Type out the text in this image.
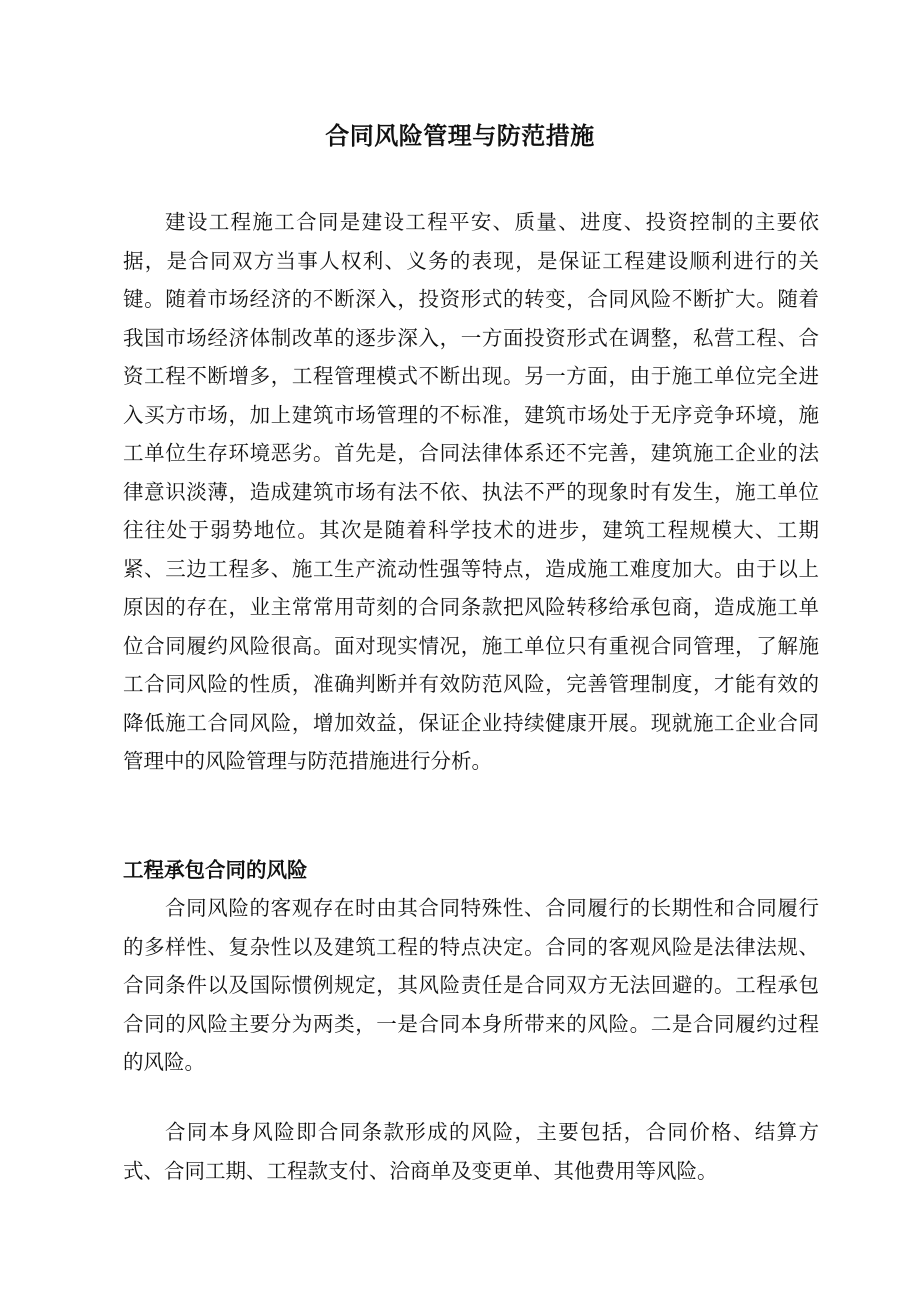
合同风险管理与防范措施

建设工程施工合同是建设工程平安、质量、进度、投资控制的主要依据，是合同双方当事人权利、义务的表现，是保证工程建设顺利进行的关键。随着市场经济的不断深入，投资形式的转变，合同风险不断扩大。随着我国市场经济体制改革的逐步深入，一方面投资形式在调整，私营工程、合资工程不断增多，工程管理模式不断出现。另一方面，由于施工单位完全进入买方市场，加上建筑市场管理的不标准，建筑市场处于无序竞争环境，施工单位生存环境恶劣。首先是，合同法律体系还不完善，建筑施工企业的法律意识淡薄，造成建筑市场有法不依、执法不严的现象时有发生，施工单位往往处于弱势地位。其次是随着科学技术的进步，建筑工程规模大、工期紧、三边工程多、施工生产流动性强等特点，造成施工难度加大。由于以上原因的存在，业主常常用苛刻的合同条款把风险转移给承包商，造成施工单位合同履约风险很高。面对现实情况，施工单位只有重视合同管理，了解施工合同风险的性质，准确判断并有效防范风险，完善管理制度，才能有效的降低施工合同风险，增加效益，保证企业持续健康开展。现就施工企业合同管理中的风险管理与防范措施进行分析。

工程承包合同的风险

合同风险的客观存在时由其合同特殊性、合同履行的长期性和合同履行的多样性、复杂性以及建筑工程的特点决定。合同的客观风险是法律法规、合同条件以及国际惯例规定，其风险责任是合同双方无法回避的。工程承包合同的风险主要分为两类，一是合同本身所带来的风险。二是合同履约过程的风险。

合同本身风险即合同条款形成的风险，主要包括，合同价格、结算方式、合同工期、工程款支付、洽商单及变更单、其他费用等风险。
